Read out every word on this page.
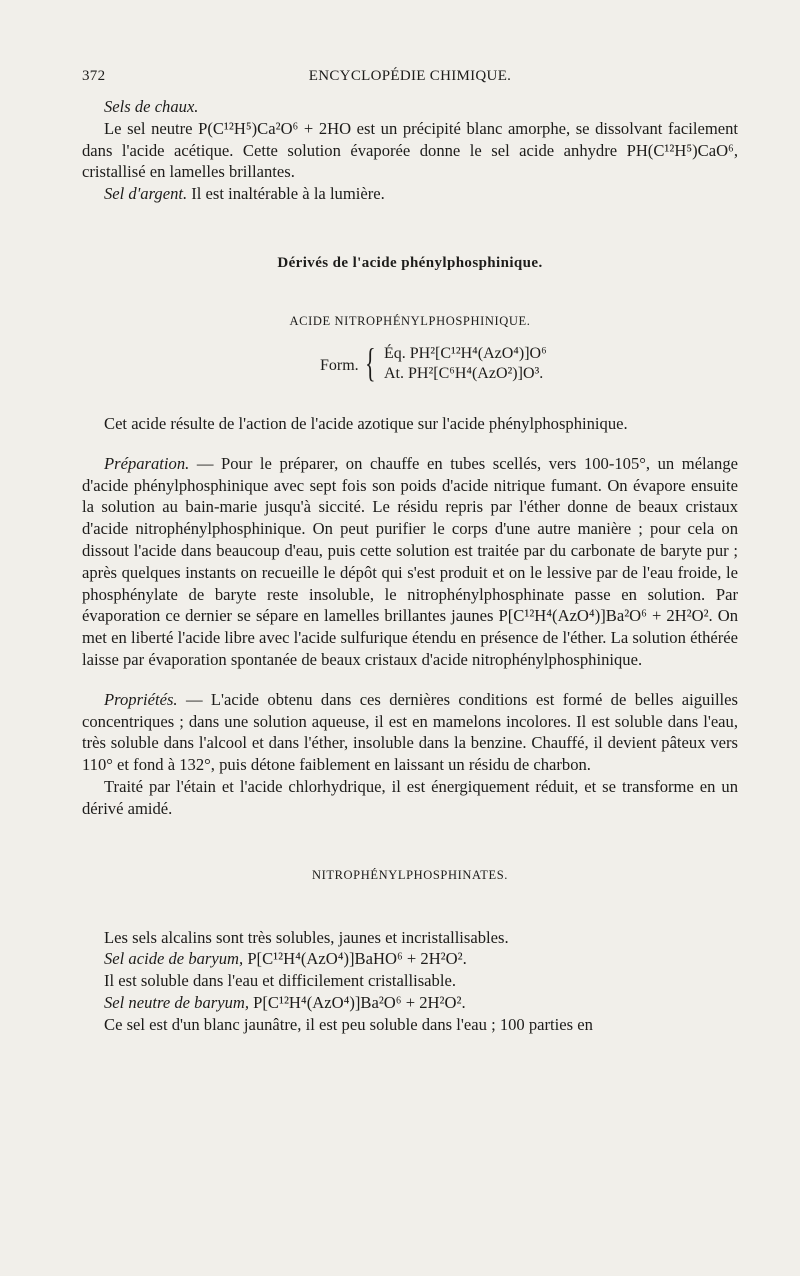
372	ENCYCLOPÉDIE CHIMIQUE.

Sels de chaux.

Le sel neutre P(C¹²H⁵)Ca²O⁶ + 2HO est un précipité blanc amorphe, se dissolvant facilement dans l'acide acétique. Cette solution évaporée donne le sel acide anhydre PH(C¹²H⁵)CaO⁶, cristallisé en lamelles brillantes.

Sel d'argent. Il est inaltérable à la lumière.

Dérivés de l'acide phénylphosphinique.
ACIDE NITROPHÉNYLPHOSPHINIQUE.
Form. { Éq. PH²[C¹²H⁴(AzO⁴)]O⁶
At. PH²[C⁶H⁴(AzO²)]O³.

Cet acide résulte de l'action de l'acide azotique sur l'acide phénylphosphinique.

Préparation. — Pour le préparer, on chauffe en tubes scellés, vers 100-105°, un mélange d'acide phénylphosphinique avec sept fois son poids d'acide nitrique fumant. On évapore ensuite la solution au bain-marie jusqu'à siccité. Le résidu repris par l'éther donne de beaux cristaux d'acide nitrophénylphosphinique. On peut purifier le corps d'une autre manière ; pour cela on dissout l'acide dans beaucoup d'eau, puis cette solution est traitée par du carbonate de baryte pur ; après quelques instants on recueille le dépôt qui s'est produit et on le lessive par de l'eau froide, le phosphénylate de baryte reste insoluble, le nitrophénylphosphinate passe en solution. Par évaporation ce dernier se sépare en lamelles brillantes jaunes P[C¹²H⁴(AzO⁴)]Ba²O⁶ + 2H²O². On met en liberté l'acide libre avec l'acide sulfurique étendu en présence de l'éther. La solution éthérée laisse par évaporation spontanée de beaux cristaux d'acide nitrophénylphosphinique.

Propriétés. — L'acide obtenu dans ces dernières conditions est formé de belles aiguilles concentriques ; dans une solution aqueuse, il est en mamelons incolores. Il est soluble dans l'eau, très soluble dans l'alcool et dans l'éther, insoluble dans la benzine. Chauffé, il devient pâteux vers 110° et fond à 132°, puis détone faiblement en laissant un résidu de charbon.

Traité par l'étain et l'acide chlorhydrique, il est énergiquement réduit, et se transforme en un dérivé amidé.

NITROPHÉNYLPHOSPHINATES.

Les sels alcalins sont très solubles, jaunes et incristallisables.

Sel acide de baryum, P[C¹²H⁴(AzO⁴)]BaHO⁶ + 2H²O².

Il est soluble dans l'eau et difficilement cristallisable.

Sel neutre de baryum, P[C¹²H⁴(AzO⁴)]Ba²O⁶ + 2H²O².

Ce sel est d'un blanc jaunâtre, il est peu soluble dans l'eau ; 100 parties en
